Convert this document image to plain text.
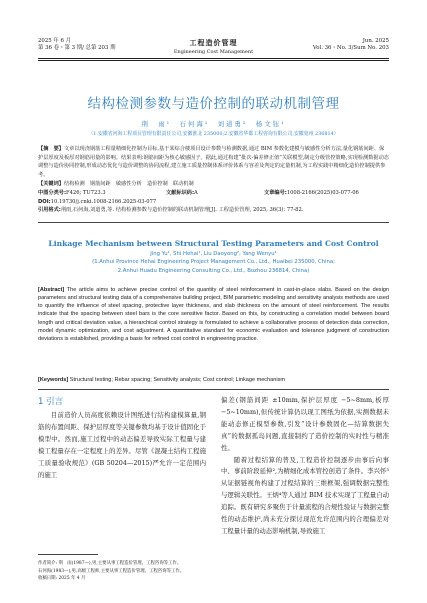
2025 年 6 月
第 36 卷・第 3 期/ 总第 203 期
工程造价管理
Engineering Cost Management
Jun. 2025
Vol. 36・No. 3/Sum No. 203
结构检测参数与造价控制的联动机制管理
荆　雨¹　石何海¹　刘道勇²　杨文钰¹
（1.安徽省河海工程项目管理有限责任公司,安徽淮北 235000;2.安徽省华都工程咨询有限公司,安徽亳州 236814）
【摘　要】文章以现浇钢筋工程量精细化控制为目标,基于某综合楼项目设计参数与检测数据,通过 BIM 参数化建模与敏感性分析方法,量化钢筋间距、保护层厚度及板厚对钢筋用量的影响。结果表明:钢筋间距为核心敏感因子。据此,通过构建“批次-偏差修正值”关联模型,制定分级管控策略,实现检测数据动态调整与造价协同控制,形成动态优化与造价调整的协同流程,建立施工质量控制体系评价体系与容差及判定的定量机制,为工程实践中精细化造价控制提供参考。
【关键词】结构检测　钢筋间距　敏感性分析　造价控制　联动机制
中图分类号:F426; TU723.3	文献标识码:A	文章编号:1008-2166(2025)03-077-06
DOI:10.19730/j.cnki.1008-2166.2025-03-077
引用格式:荆雨,石何海,刘道勇,等. 结构检测参数与造价控制的联动机制管理[J]. 工程造价管理, 2025, 36(3): 77-82.
Linkage Mechanism between Structural Testing Parameters and Cost Control
Jing Yu¹, Shi Hehai¹, Liu Daoyong², Yang Wenyu¹
(1.Anhui Province Hehai Engineering Project Management Co., Ltd., Huaibei 235000, China;
2.Anhui Huadu Engineering Consulting Co., Ltd., Bozhou 236814, China)
[Abstract] The article aims to achieve precise control of the quantity of steel reinforcement in cast-in-place slabs. Based on the design parameters and structural testing data of a comprehensive building project, BIM parametric modeling and sensitivity analysis methods are used to quantify the influence of steel spacing, protective layer thickness, and slab thickness on the amount of steel reinforcement. The results indicate that the spacing between steel bars is the core sensitive factor. Based on this, by constructing a correlation model between board length and critical deviation value, a hierarchical control strategy is formulated to achieve a collaborative process of detection data correction, model dynamic optimization, and cost adjustment. A quantitative standard for economic evaluation and tolerance judgment of construction deviations is established, providing a basis for refined cost control in engineering practice.
[Keywords] Structural testing; Rebar spacing; Sensitivity analysis; Cost control; Linkage mechanism
1 引言
目前造价人员高度依赖设计图纸进行结构建模算量,钢筋的布置间距、保护层厚度等关键参数均基于设计值固化于模型中。然而,施工过程中的动态偏差导致实际工程量与建模工程量存在一定程度上的差异。尽管《混凝土结构工程施工质量验收规范》(GB 50204—2015)严允许一定范围内的施工

偏差(钢筋间距 ±10mm,保护层厚度 −5~8mm,板厚 −5~10mm),但传统计算仍以现工图纸为依据,实测数据未能动态修正模型参数,引发“设计参数固化—结算数据失真”的数据孤岛问题,直接制约了造价控制的实时性与精准性。

随着过程结算的普及,工程造价控制逐步由事后向事中、事前阶段延伸²,为精细化成本管控创造了条件。李兴怀³从证据链视角构建了过程结算的三维框架,强调数据完整性与逻辑关联性。王炳⁴等人通过 BIM 技术实现了工程量自动追踪。既有研究多聚焦于计量流程的合规性验证与数据完整性的动态维护,尚未充分探讨现范允许范围内的合理偏差对工程量计量的动态影响机制,导致施工

作者简介: 荆　雨(1987—),男,主要从事工程造价管理、工程咨询等工作。
石何海(1983—),男,高级工程师,主要从事工程造价管理、工程咨询等工作。
收稿日期: 2025 年 4 月
